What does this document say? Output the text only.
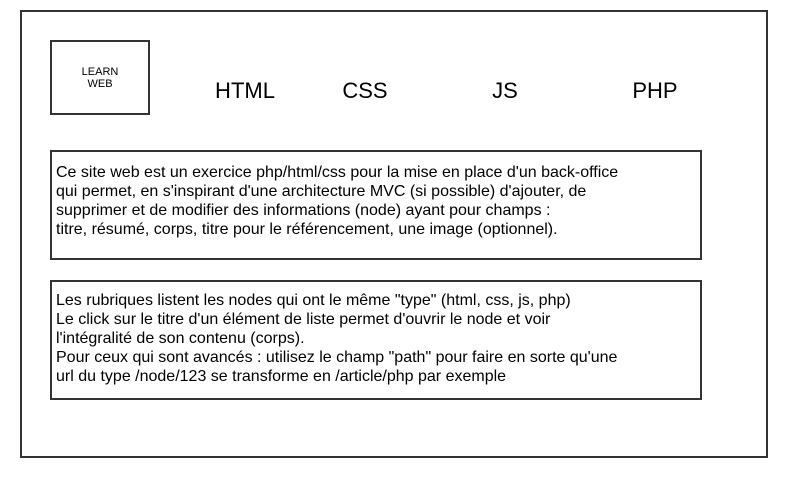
LEARN
WEB	HTML	CSS	JS	PHP
Ce site web est un exercice php/html/css pour la mise en place d'un back-office
qui permet, en s'inspirant d'une architecture MVC (si possible) d'ajouter, de
supprimer et de modifier des informations (node) ayant pour champs :
titre, résumé, corps, titre pour le référencement, une image (optionnel).
Les rubriques listent les nodes qui ont le même "type" (html, css, js, php)
Le click sur le titre d'un élément de liste permet d'ouvrir le node et voir
l'intégralité de son contenu (corps).
Pour ceux qui sont avancés : utilisez le champ "path" pour faire en sorte qu'une
url du type /node/123 se transforme en /article/php par exemple
